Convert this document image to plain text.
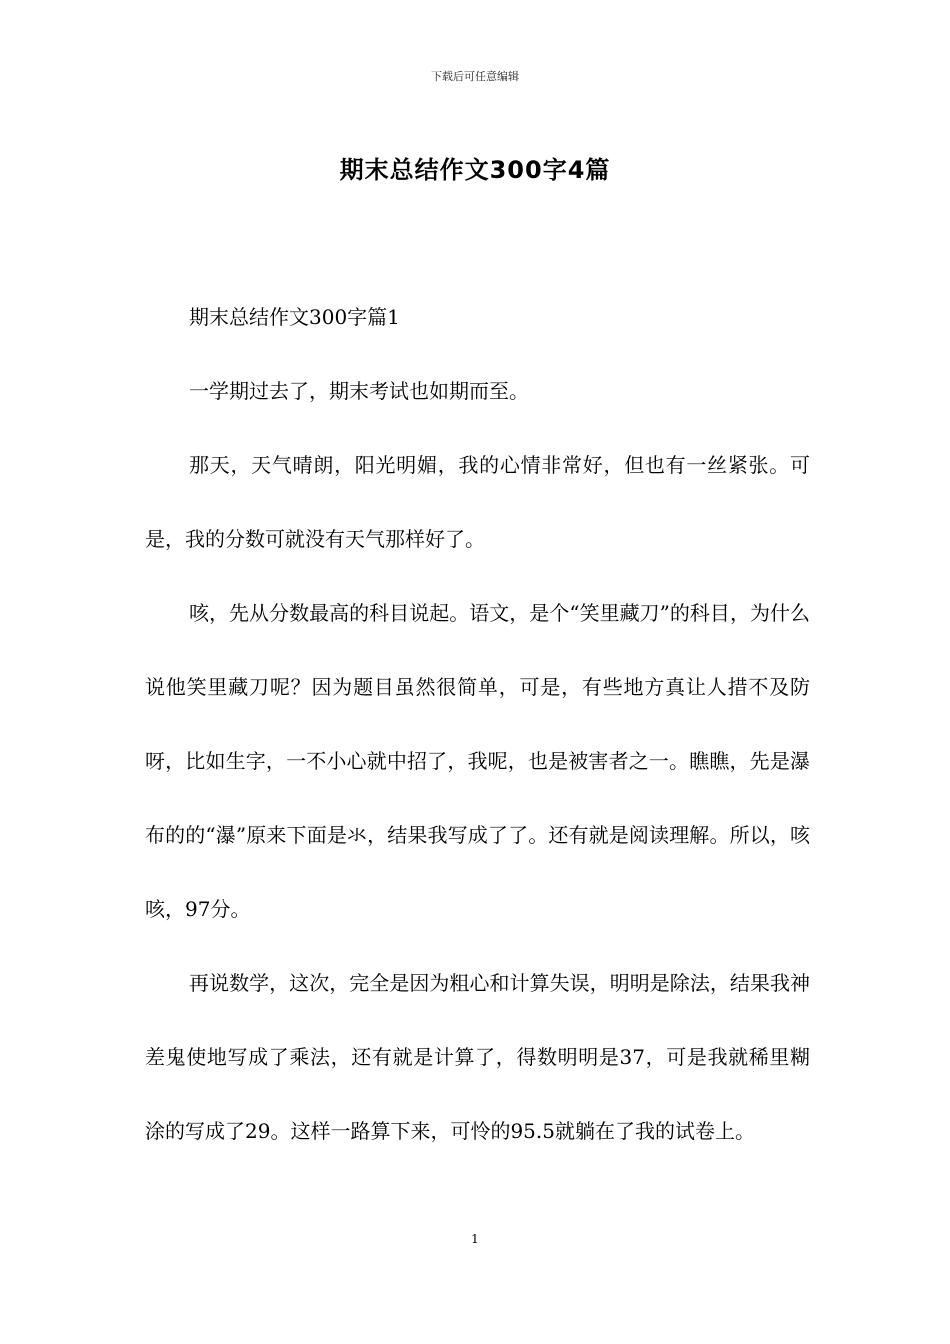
下载后可任意编辑
期末总结作文300字4篇

期末总结作文300字篇1

一学期过去了，期末考试也如期而至。

那天，天气晴朗，阳光明媚，我的心情非常好，但也有一丝紧张。可是，我的分数可就没有天气那样好了。

咳，先从分数最高的科目说起。语文，是个“笑里藏刀”的科目，为什么说他笑里藏刀呢？因为题目虽然很简单，可是，有些地方真让人措不及防呀，比如生字，一不小心就中招了，我呢，也是被害者之一。瞧瞧，先是瀑布的的“瀑”原来下面是氺，结果我写成了了。还有就是阅读理解。所以，咳咳，97分。

再说数学，这次，完全是因为粗心和计算失误，明明是除法，结果我神差鬼使地写成了乘法，还有就是计算了，得数明明是37，可是我就稀里糊涂的写成了29。这样一路算下来，可怜的95.5就躺在了我的试卷上。

1
